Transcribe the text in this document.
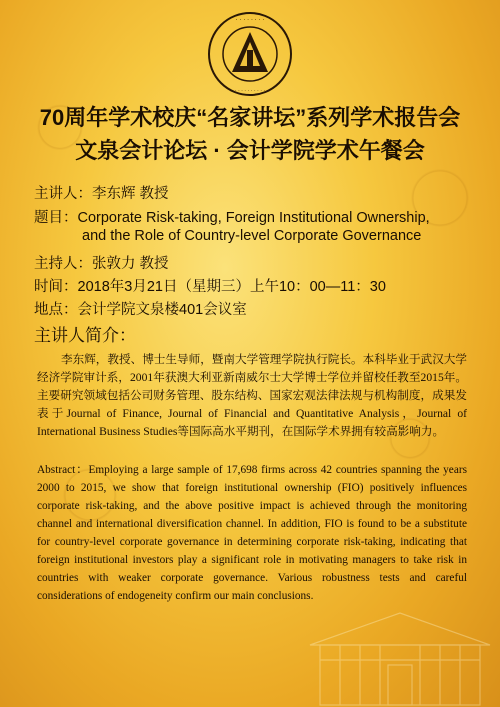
· · · · · · · ·
· · · · · · · · · ·
70周年学术校庆“名家讲坛”系列学术报告会
文泉会计论坛 · 会计学院学术午餐会
主讲人：李东辉 教授
题目：Corporate Risk-taking, Foreign Institutional Ownership,
and the Role of Country-level Corporate Governance
主持人：张敦力 教授
时间：2018年3月21日（星期三）上午10：00—11：30
地点：会计学院文泉楼401会议室
主讲人简介：
李东辉，教授、博士生导师，暨南大学管理学院执行院长。本科毕业于武汉大学经济学院审计系，2001年获澳大利亚新南威尔士大学博士学位并留校任教至2015年。主要研究领域包括公司财务管理、股东结构、国家宏观法律法规与机构制度，成果发表于Journal of Finance, Journal of Financial and Quantitative Analysis，Journal of International Business Studies等国际高水平期刊，在国际学术界拥有较高影响力。
Abstract：Employing a large sample of 17,698 firms across 42 countries spanning the years 2000 to 2015, we show that foreign institutional ownership (FIO) positively influences corporate risk-taking, and the above positive impact is achieved through the monitoring channel and international diversification channel. In addition, FIO is found to be a substitute for country-level corporate governance in determining corporate risk-taking, indicating that foreign institutional investors play a significant role in motivating managers to take risk in countries with weaker corporate governance. Various robustness tests and careful considerations of endogeneity confirm our main conclusions.
